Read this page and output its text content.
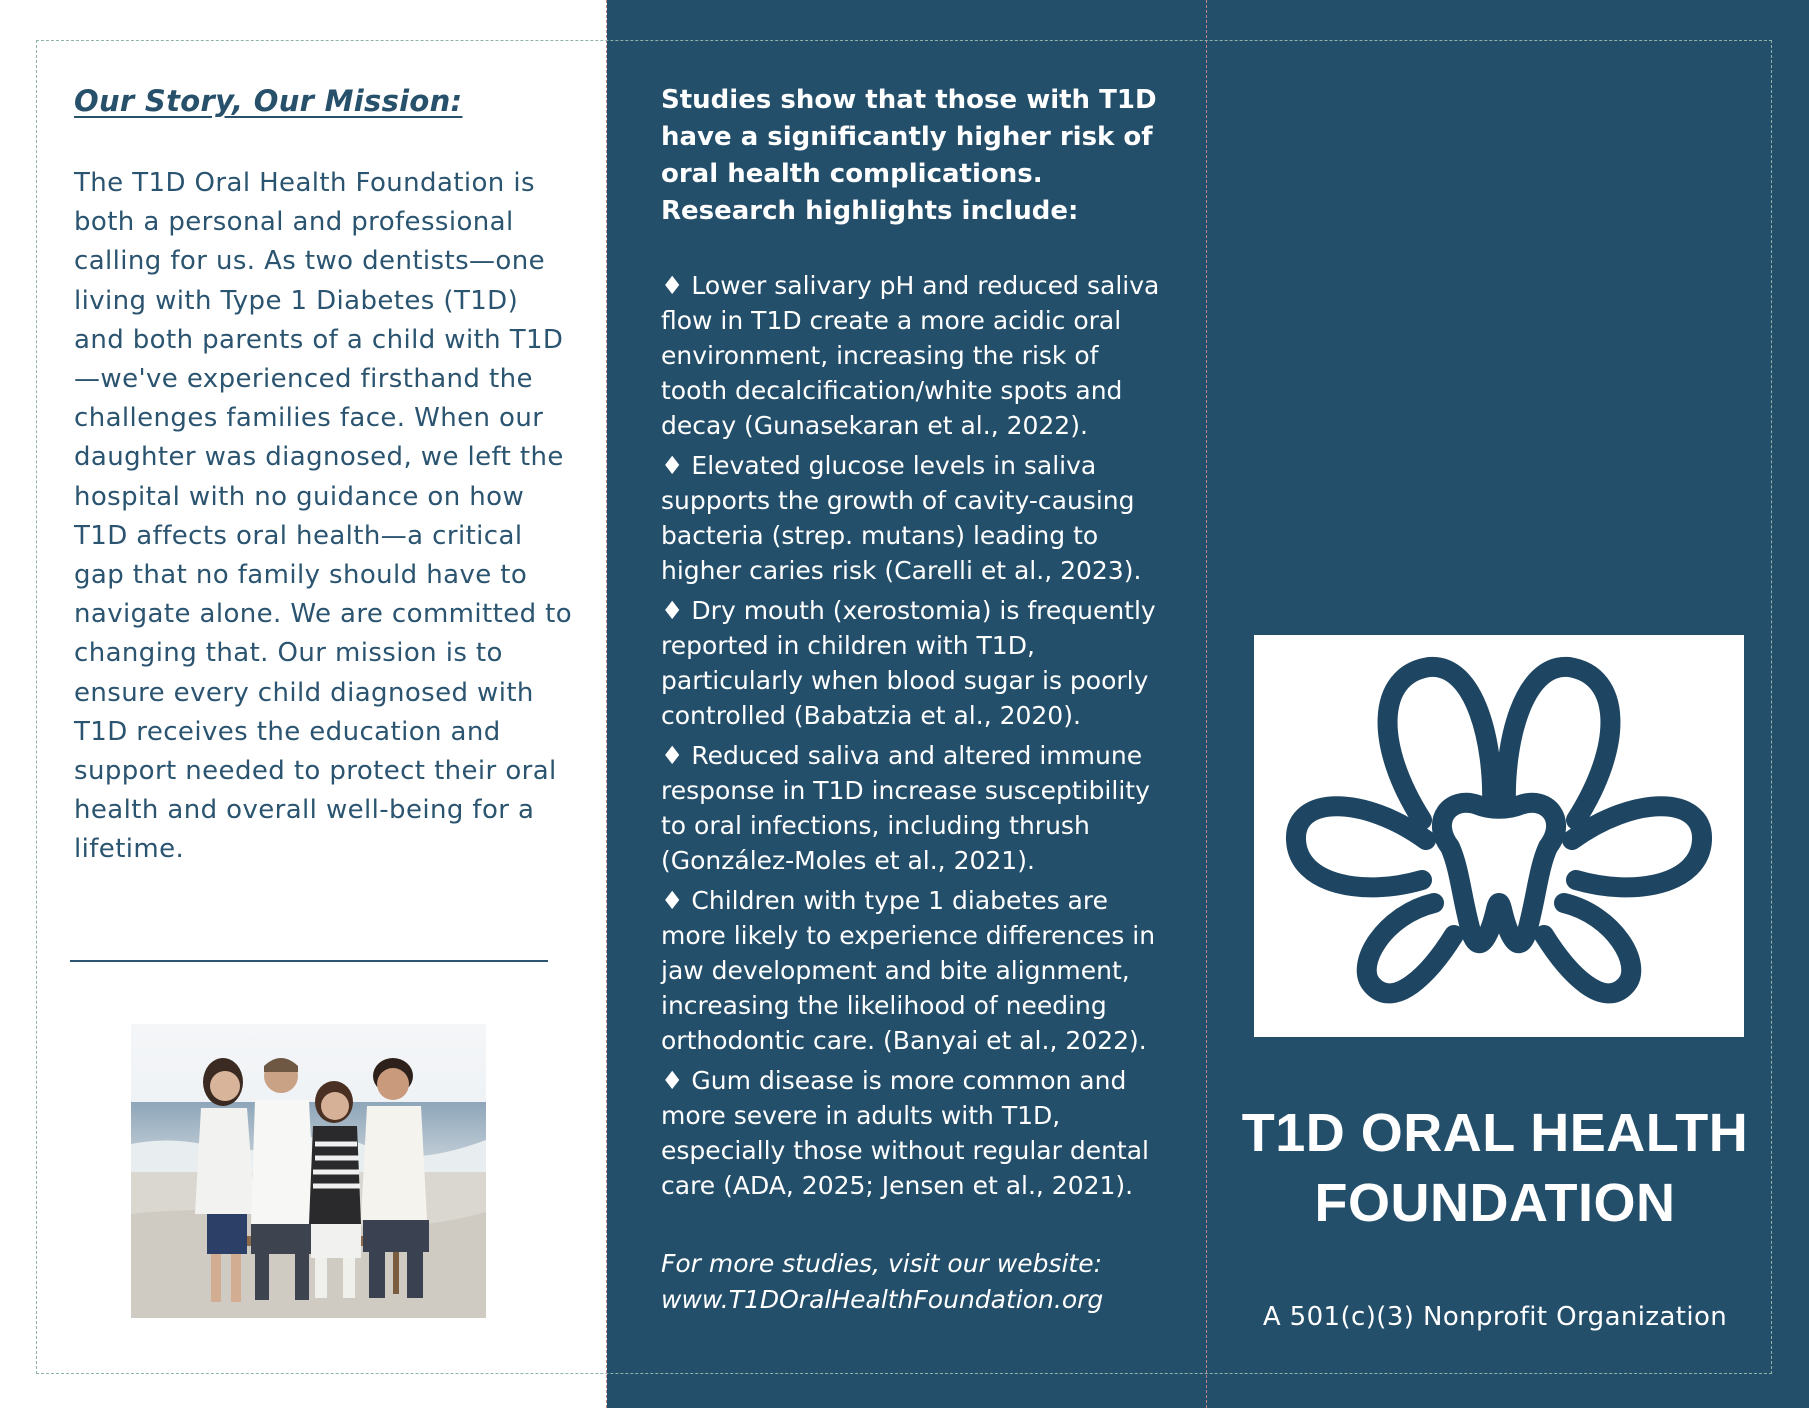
Our Story, Our Mission:

The T1D Oral Health Foundation is both a personal and professional calling for us. As two dentists—one living with Type 1 Diabetes (T1D) and both parents of a child with T1D—we've experienced firsthand the challenges families face. When our daughter was diagnosed, we left the hospital with no guidance on how T1D affects oral health—a critical gap that no family should have to navigate alone. We are committed to changing that. Our mission is to ensure every child diagnosed with T1D receives the education and support needed to protect their oral health and overall well-being for a lifetime.

Studies show that those with T1D have a significantly higher risk of oral health complications. Research highlights include:
♦ Lower salivary pH and reduced saliva flow in T1D create a more acidic oral environment, increasing the risk of tooth decalcification/white spots and decay (Gunasekaran et al., 2022).
♦ Elevated glucose levels in saliva supports the growth of cavity-causing bacteria (strep. mutans) leading to higher caries risk (Carelli et al., 2023).
♦ Dry mouth (xerostomia) is frequently reported in children with T1D, particularly when blood sugar is poorly controlled (Babatzia et al., 2020).
♦ Reduced saliva and altered immune response in T1D increase susceptibility to oral infections, including thrush (González-Moles et al., 2021).
♦ Children with type 1 diabetes are more likely to experience differences in jaw development and bite alignment, increasing the likelihood of needing orthodontic care. (Banyai et al., 2022).
♦ Gum disease is more common and more severe in adults with T1D, especially those without regular dental care (ADA, 2025; Jensen et al., 2021).

For more studies, visit our website:
www.T1DOralHealthFoundation.org

T1D ORAL HEALTH
FOUNDATION

A 501(c)(3) Nonprofit Organization
